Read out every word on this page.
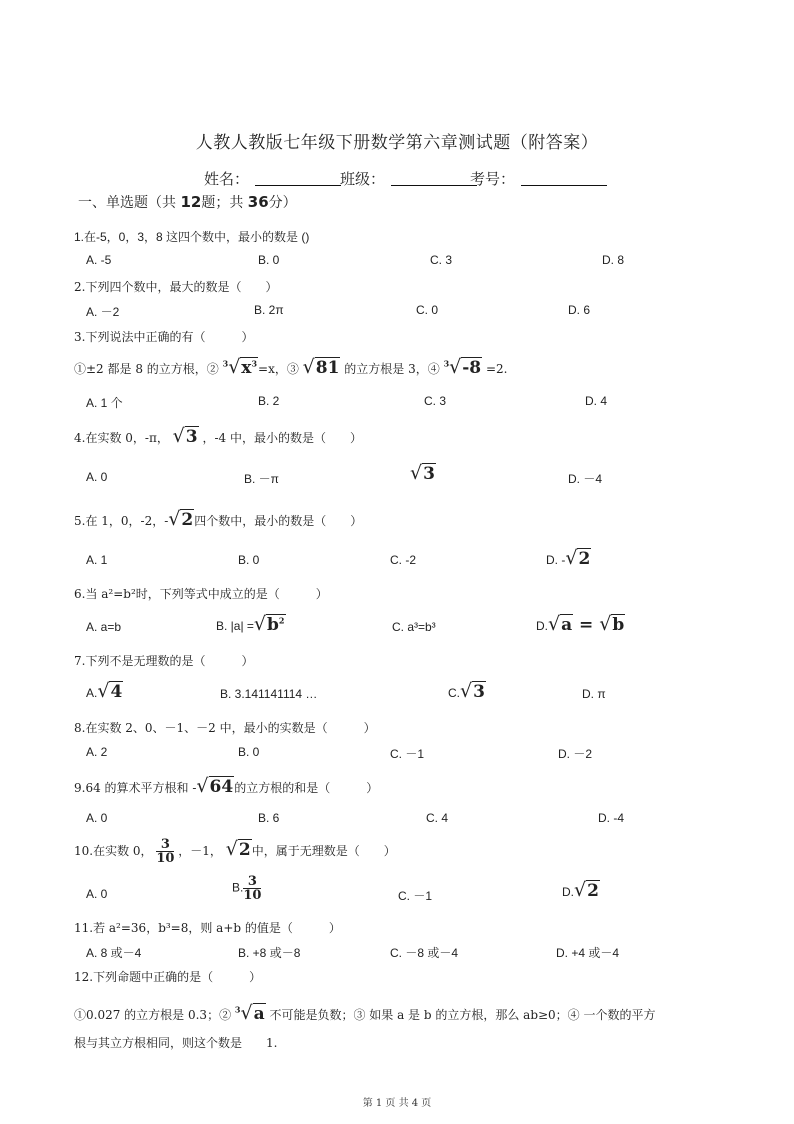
人教人教版七年级下册数学第六章测试题（附答案）
姓名：	班级：	考号：
一、单选题（共 12题；共 36分）
1.在-5，0，3，8 这四个数中，最小的数是 ()
A. -5	B. 0	C. 3	D. 8
2.下列四个数中，最大的数是（　　）
A. －2	B. 2π	C. 0	D. 6
3.下列说法中正确的有（　　　）
①±2 都是 8 的立方根，② $^3√x^3=x$，③ √81 的立方根是 3，④ $^3$√-8 =2.
A. 1 个	B. 2	C. 3	D. 4
4.在实数 0，-π， √3 ，-4 中，最小的数是（　　）
A. 0	B. －π	√3	D. －4
5.在 1，0，-2，-√2四个数中，最小的数是（　　）
A. 1	B. 0	C. -2	D. -√2
6.当 a²=b²时，下列等式中成立的是（　　　）
A. a=b	B. $|a| =√b^2$	C. a³=b³	D.√a = √b
7.下列不是无理数的是（　　　）
A.√4	B. 3.141141114 …	C.√3	D. π
8.在实数 2、0、－1、－2 中，最小的实数是（　　　）
A. 2	B. 0	C. －1	D. －2
9.64 的算术平方根和 -√64的立方根的和是（　　　）
A. 0	B. 6	C. 4	D. -4
10.在实数 0， $\frac{3}{10}$ ，－1， √2中，属于无理数是（　　）
A. 0	B. $\frac{3}{10}$	C. －1	D.√2
11.若 a²=36，b³=8，则 a+b 的值是（　　　）
A. 8 或－4	B. +8 或－8	C. －8 或－4	D. +4 或－4
12.下列命题中正确的是（　　　）
①0.027 的立方根是 0.3；② $^3$√a 不可能是负数；③ 如果 a 是 b 的立方根，那么 ab≥0；④ 一个数的平方
根与其立方根相同，则这个数是　　1.
第 1 页 共 4 页
